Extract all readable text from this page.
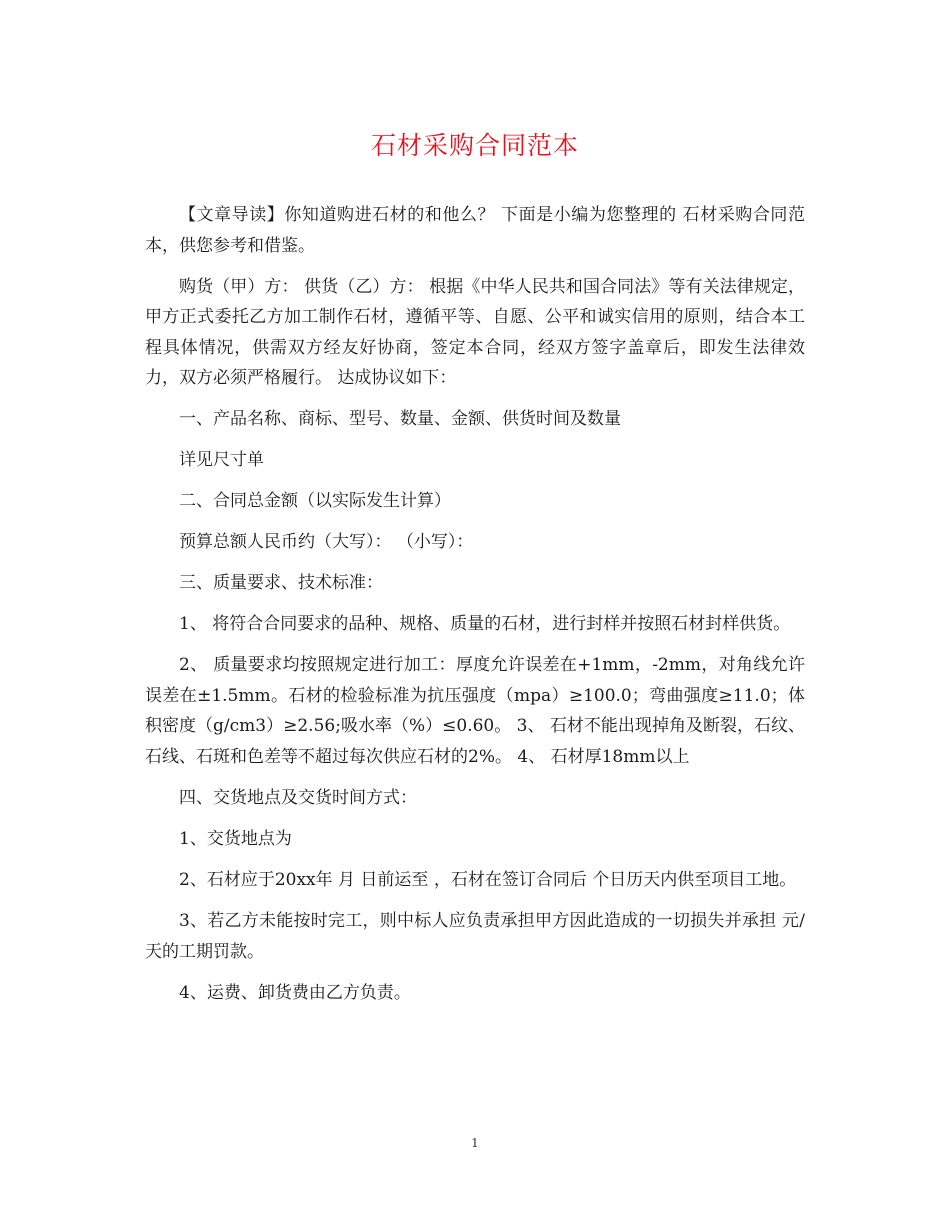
石材采购合同范本

【文章导读】你知道购进石材的和他么？ 下面是小编为您整理的 石材采购合同范本，供您参考和借鉴。

购货（甲）方： 供货（乙）方： 根据《中华人民共和国合同法》等有关法律规定，甲方正式委托乙方加工制作石材，遵循平等、自愿、公平和诚实信用的原则，结合本工程具体情况，供需双方经友好协商，签定本合同，经双方签字盖章后，即发生法律效力，双方必须严格履行。 达成协议如下：

一、产品名称、商标、型号、数量、金额、供货时间及数量

详见尺寸单

二、合同总金额（以实际发生计算）

预算总额人民币约（大写）： （小写）：

三、质量要求、技术标准：

1、 将符合合同要求的品种、规格、质量的石材，进行封样并按照石材封样供货。

2、 质量要求均按照规定进行加工：厚度允许误差在+1mm，-2mm，对角线允许误差在±1.5mm。石材的检验标准为抗压强度（mpa）≥100.0；弯曲强度≥11.0；体积密度（g/cm3）≥2.56;吸水率（%）≤0.60。 3、 石材不能出现掉角及断裂，石纹、石线、石斑和色差等不超过每次供应石材的2%。 4、 石材厚18mm以上

四、交货地点及交货时间方式：

1、交货地点为

2、石材应于20xx年 月 日前运至 ，石材在签订合同后 个日历天内供至项目工地。

3、若乙方未能按时完工，则中标人应负责承担甲方因此造成的一切损失并承担 元/天的工期罚款。

4、运费、卸货费由乙方负责。

1
